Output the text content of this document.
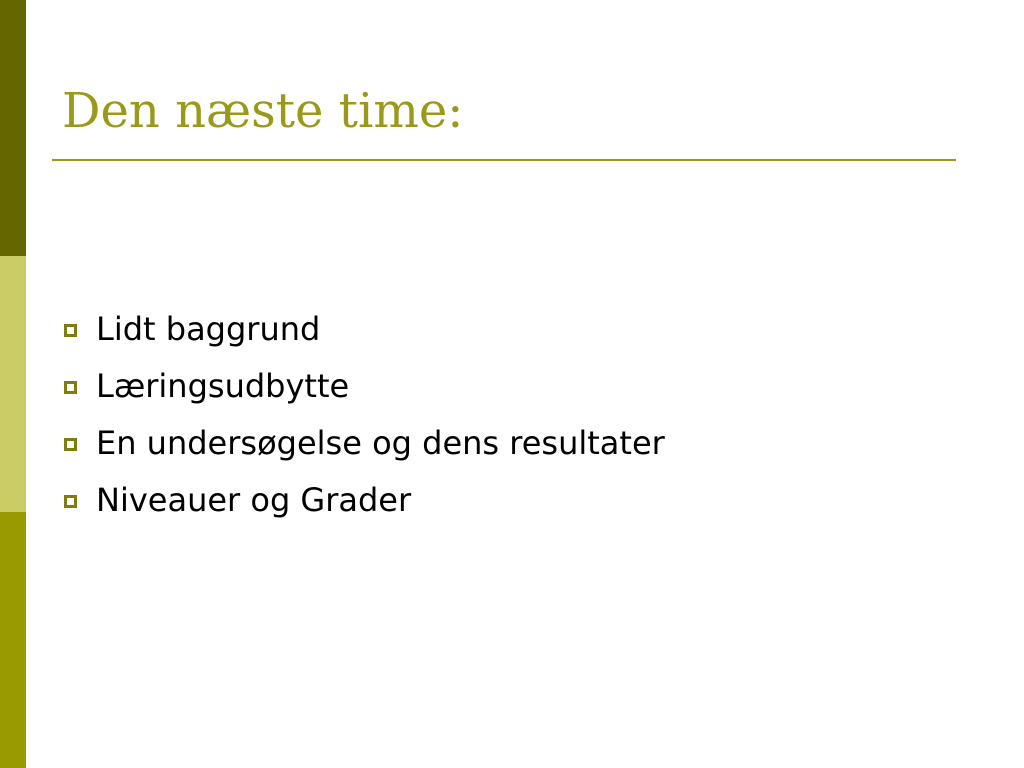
Den næste time:
Lidt baggrund
Læringsudbytte
En undersøgelse og dens resultater
Niveauer og Grader
